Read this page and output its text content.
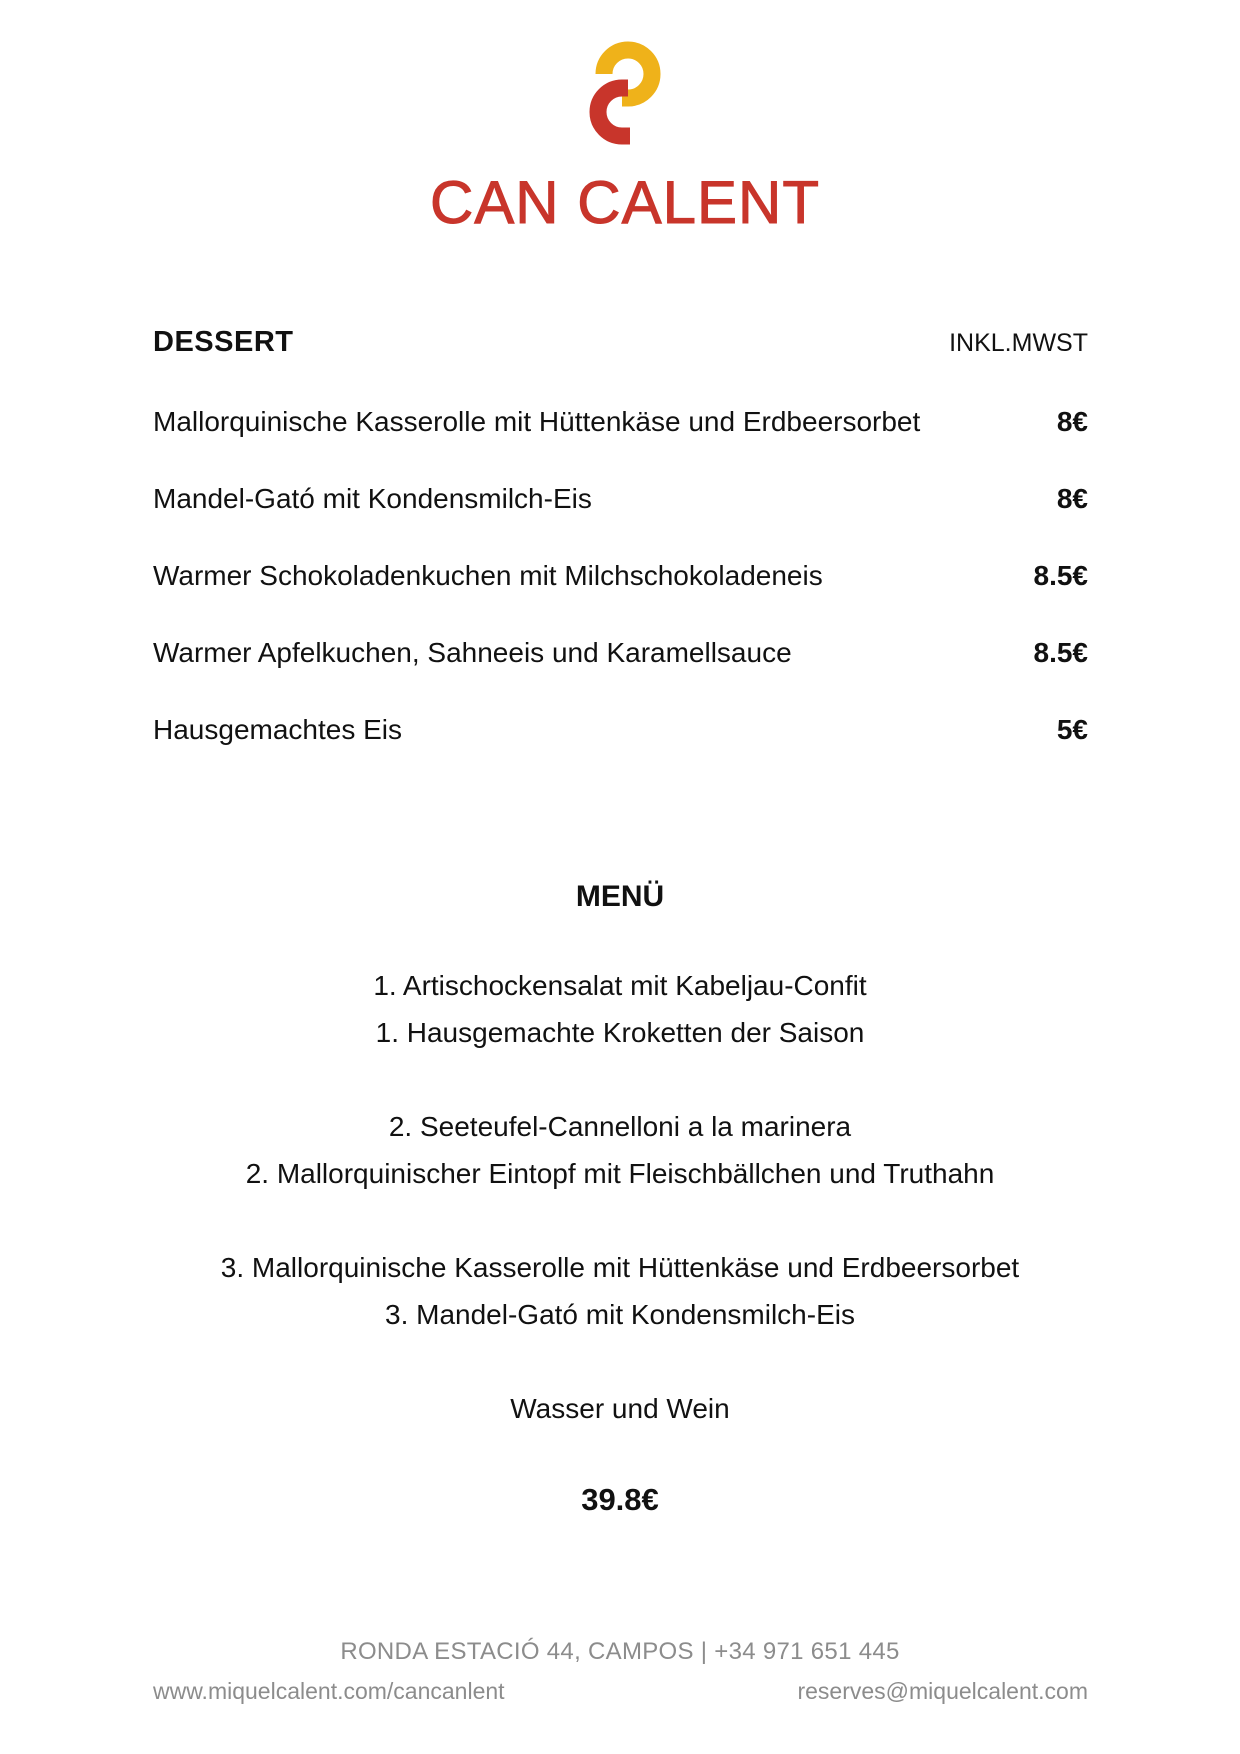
CAN CALENT
DESSERT	INKL.MWST
Mallorquinische Kasserolle mit Hüttenkäse und Erdbeersorbet	8€
Mandel-Gató mit Kondensmilch-Eis	8€
Warmer Schokoladenkuchen mit Milchschokoladeneis	8.5€
Warmer Apfelkuchen, Sahneeis und Karamellsauce	8.5€
Hausgemachtes Eis	5€
MENÜ
1. Artischockensalat mit Kabeljau-Confit
1. Hausgemachte Kroketten der Saison
2. Seeteufel-Cannelloni a la marinera
2. Mallorquinischer Eintopf mit Fleischbällchen und Truthahn
3. Mallorquinische Kasserolle mit Hüttenkäse und Erdbeersorbet
3. Mandel-Gató mit Kondensmilch-Eis
Wasser und Wein
39.8€
RONDA ESTACIÓ 44, CAMPOS | +34 971 651 445
www.miquelcalent.com/cancanlent	reserves@miquelcalent.com
